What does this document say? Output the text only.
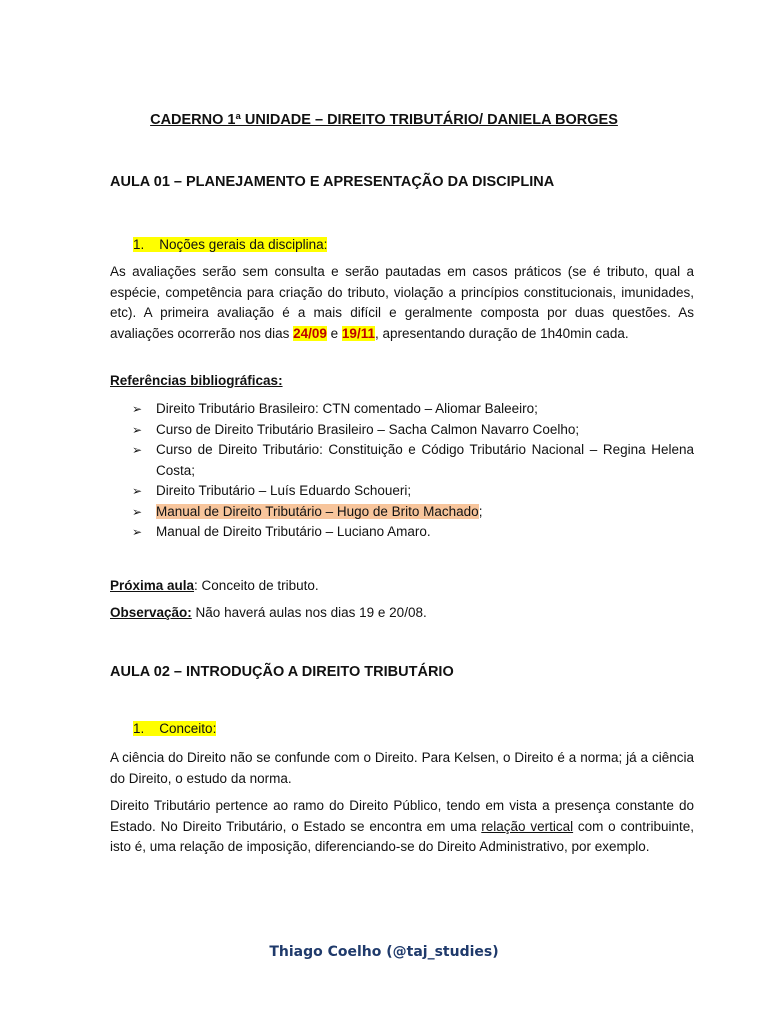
CADERNO 1ª UNIDADE – DIREITO TRIBUTÁRIO/ DANIELA BORGES
AULA 01 – PLANEJAMENTO E APRESENTAÇÃO DA DISCIPLINA
1. Noções gerais da disciplina:

As avaliações serão sem consulta e serão pautadas em casos práticos (se é tributo, qual a espécie, competência para criação do tributo, violação a princípios constitucionais, imunidades, etc). A primeira avaliação é a mais difícil e geralmente composta por duas questões. As avaliações ocorrerão nos dias 24/09 e 19/11, apresentando duração de 1h40min cada.

Referências bibliográficas:
➢ Direito Tributário Brasileiro: CTN comentado – Aliomar Baleeiro;
➢ Curso de Direito Tributário Brasileiro – Sacha Calmon Navarro Coelho;
➢ Curso de Direito Tributário: Constituição e Código Tributário Nacional – Regina Helena Costa;
➢ Direito Tributário – Luís Eduardo Schoueri;
➢ Manual de Direito Tributário – Hugo de Brito Machado;
➢ Manual de Direito Tributário – Luciano Amaro.
Próxima aula: Conceito de tributo.
Observação: Não haverá aulas nos dias 19 e 20/08.
AULA 02 – INTRODUÇÃO A DIREITO TRIBUTÁRIO
1. Conceito:

A ciência do Direito não se confunde com o Direito. Para Kelsen, o Direito é a norma; já a ciência do Direito, o estudo da norma.

Direito Tributário pertence ao ramo do Direito Público, tendo em vista a presença constante do Estado. No Direito Tributário, o Estado se encontra em uma relação vertical com o contribuinte, isto é, uma relação de imposição, diferenciando-se do Direito Administrativo, por exemplo.

Thiago Coelho (@taj_studies)
